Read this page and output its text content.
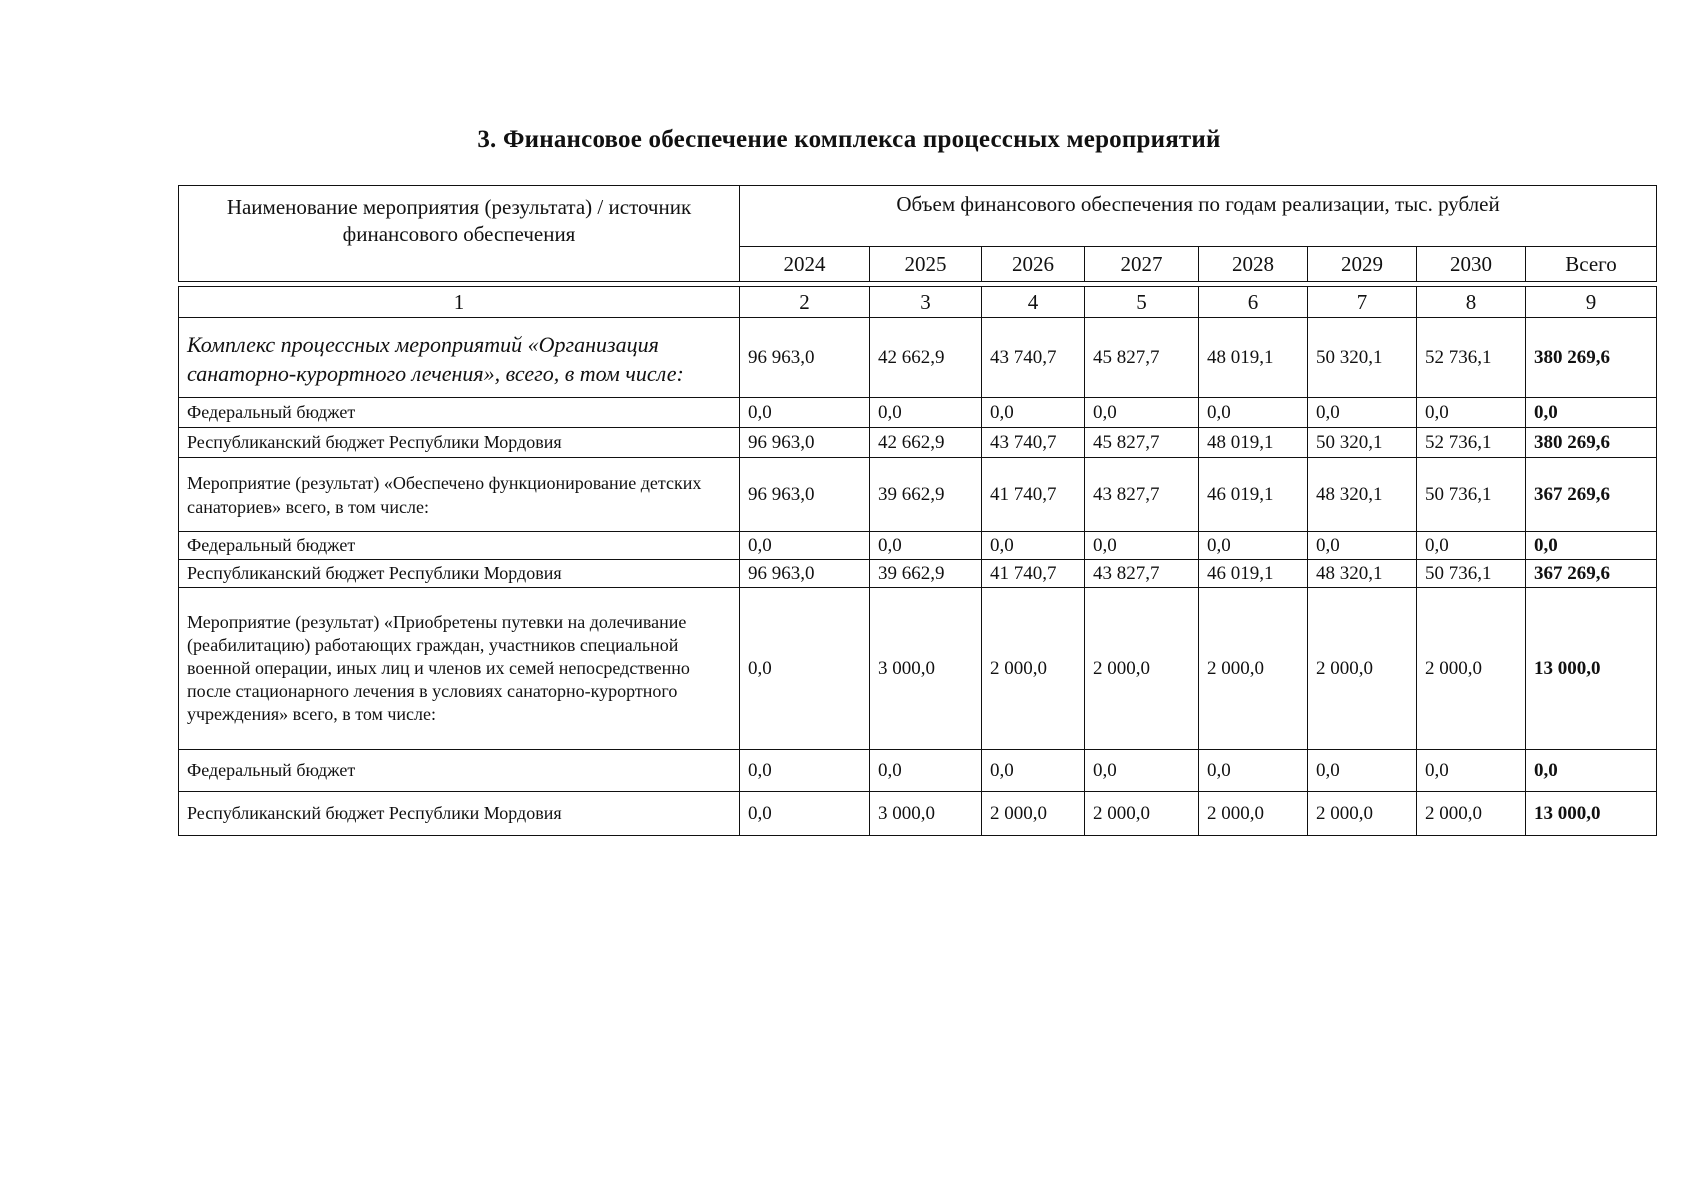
3. Финансовое обеспечение комплекса процессных мероприятий
Наименование мероприятия (результата) / источник финансового обеспечения	Объем финансового обеспечения по годам реализации, тыс. рублей							
	2024	2025	2026	2027	2028	2029	2030	Всего

1	2	3	4	5	6	7	8	9
Комплекс процессных мероприятий «Организация санаторно-курортного лечения», всего, в том числе:	96 963,0	42 662,9	43 740,7	45 827,7	48 019,1	50 320,1	52 736,1	380 269,6
Федеральный бюджет	0,0	0,0	0,0	0,0	0,0	0,0	0,0	0,0
Республиканский бюджет Республики Мордовия	96 963,0	42 662,9	43 740,7	45 827,7	48 019,1	50 320,1	52 736,1	380 269,6
Мероприятие (результат) «Обеспечено функционирование детских санаториев» всего, в том числе:	96 963,0	39 662,9	41 740,7	43 827,7	46 019,1	48 320,1	50 736,1	367 269,6
Федеральный бюджет	0,0	0,0	0,0	0,0	0,0	0,0	0,0	0,0
Республиканский бюджет Республики Мордовия	96 963,0	39 662,9	41 740,7	43 827,7	46 019,1	48 320,1	50 736,1	367 269,6
Мероприятие (результат) «Приобретены путевки на долечивание (реабилитацию) работающих граждан, участников специальной военной операции, иных лиц и членов их семей непосредственно после стационарного лечения в условиях санаторно-курортного учреждения» всего, в том числе:	0,0	3 000,0	2 000,0	2 000,0	2 000,0	2 000,0	2 000,0	13 000,0
Федеральный бюджет	0,0	0,0	0,0	0,0	0,0	0,0	0,0	0,0
Республиканский бюджет Республики Мордовия	0,0	3 000,0	2 000,0	2 000,0	2 000,0	2 000,0	2 000,0	13 000,0
